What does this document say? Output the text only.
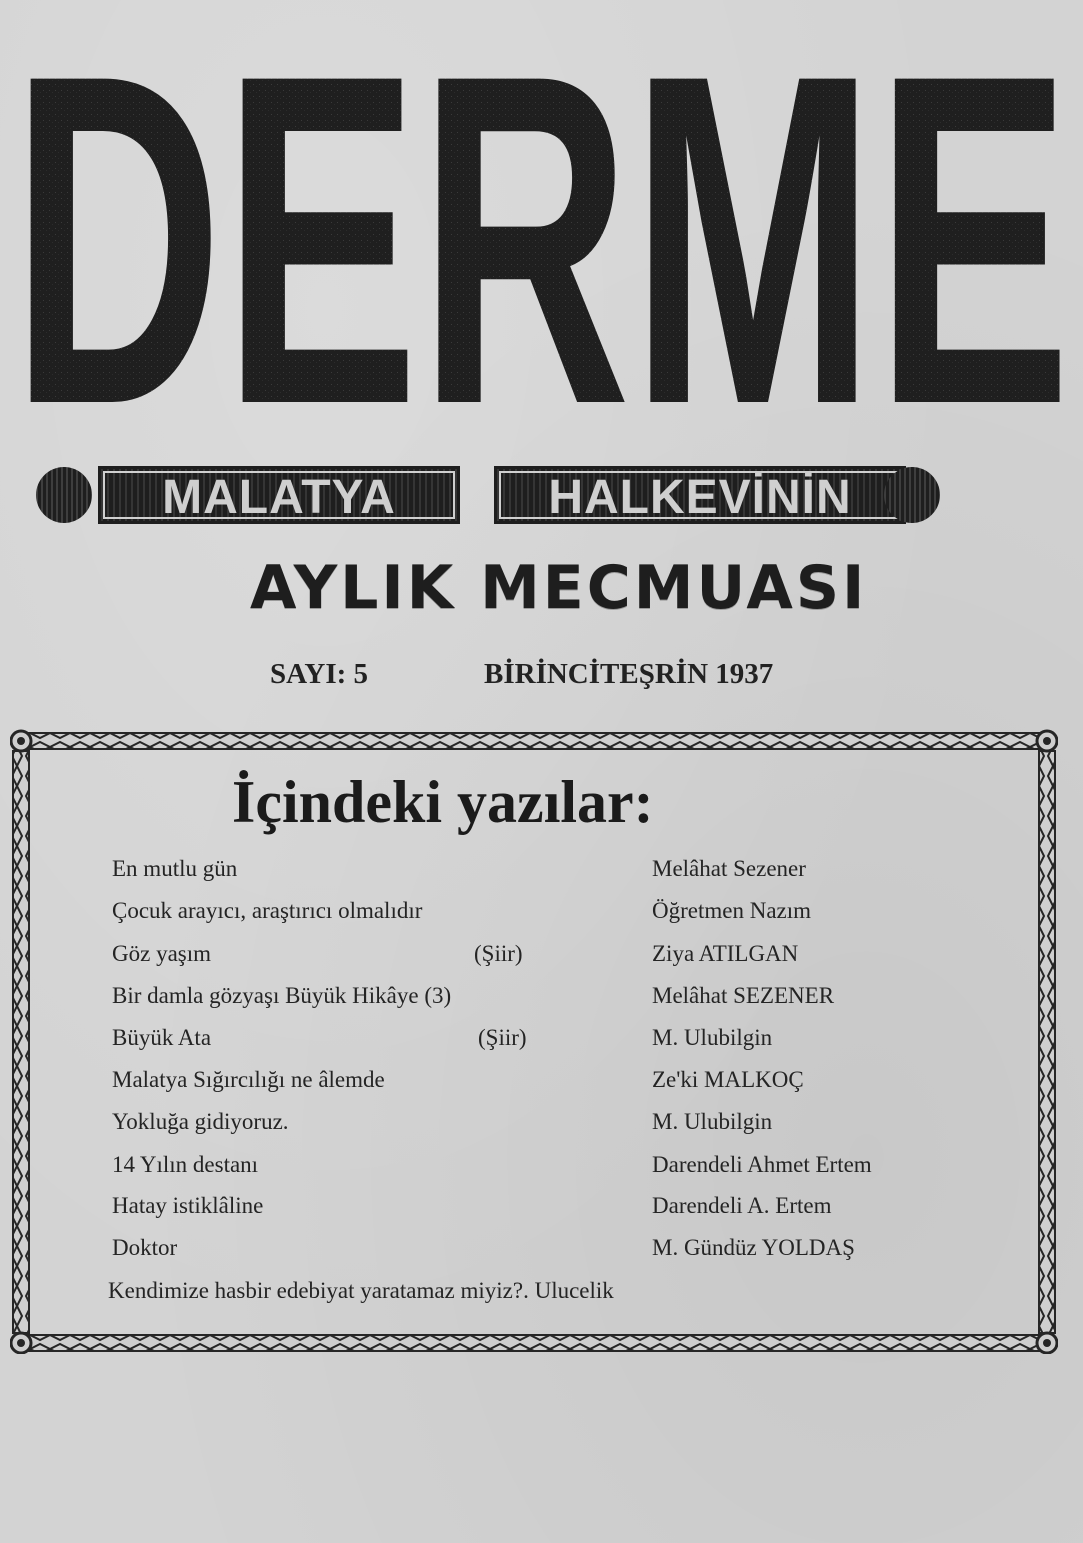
DERME
MALATYA	HALKEVİNİN
AYLIK MECMUASI
SAYI: 5	BİRİNCİTEŞRİN 1937
İçindeki yazılar:
En mutlu gün	Melâhat Sezener
Çocuk arayıcı, araştırıcı olmalıdır	Öğretmen Nazım
Göz yaşım	(Şiir)	Ziya ATILGAN
Bir damla gözyaşı Büyük Hikâye (3)	Melâhat SEZENER
Büyük Ata	(Şiir)	M. Ulubilgin
Malatya Sığırcılığı ne âlemde	Ze'ki MALKOÇ
Yokluğa gidiyoruz.	M. Ulubilgin
14 Yılın destanı	Darendeli Ahmet Ertem
Hatay istiklâline	Darendeli A. Ertem
Doktor	M. Gündüz YOLDAŞ
Kendimize hasbir edebiyat yaratamaz miyiz?. Ulucelik
